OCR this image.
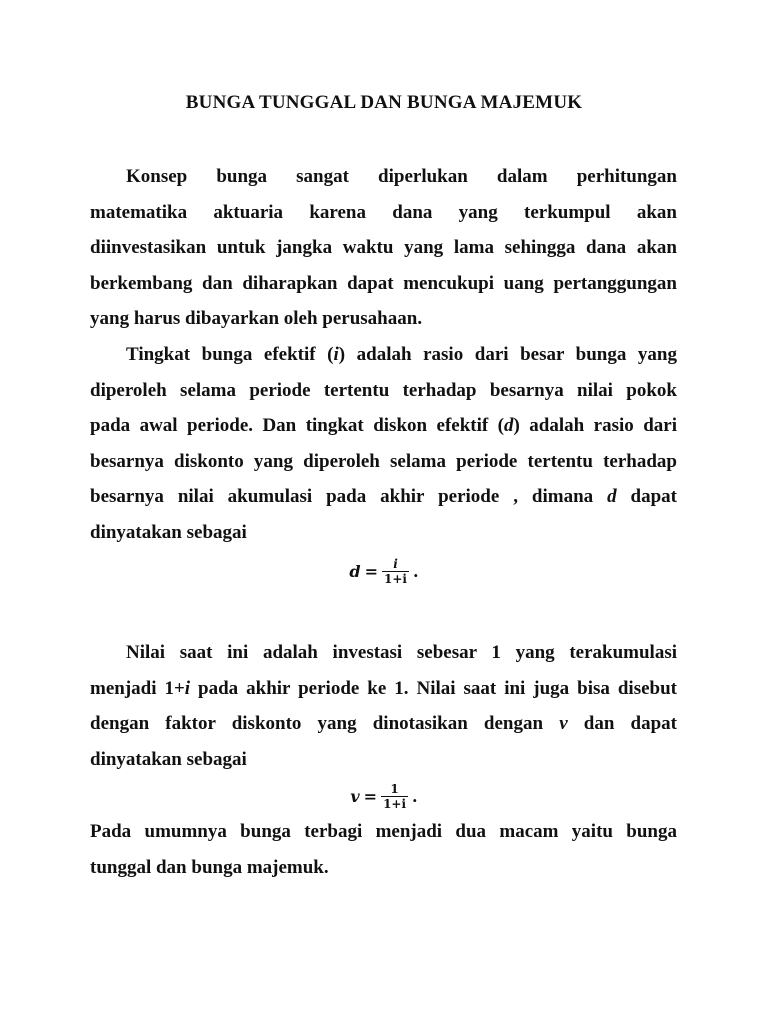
BUNGA TUNGGAL DAN BUNGA MAJEMUK
Konsep bunga sangat diperlukan dalam perhitungan
matematika aktuaria karena dana yang terkumpul akan
diinvestasikan untuk jangka waktu yang lama sehingga dana akan
berkembang dan diharapkan dapat mencukupi uang pertanggungan
yang harus dibayarkan oleh perusahaan.
Tingkat bunga efektif (i) adalah rasio dari besar bunga yang
diperoleh selama periode tertentu terhadap besarnya nilai pokok
pada awal periode. Dan tingkat diskon efektif (d) adalah rasio dari
besarnya diskonto yang diperoleh selama periode tertentu terhadap
besarnya nilai akumulasi pada akhir periode , dimana d dapat
dinyatakan sebagai
$d = \frac{i}{1+i}$ .
Nilai saat ini adalah investasi sebesar 1 yang terakumulasi
menjadi 1+i pada akhir periode ke 1. Nilai saat ini juga bisa disebut
dengan faktor diskonto yang dinotasikan dengan v dan dapat
dinyatakan sebagai
$v = \frac{1}{1+i}$ .
Pada umumnya bunga terbagi menjadi dua macam yaitu bunga
tunggal dan bunga majemuk.
